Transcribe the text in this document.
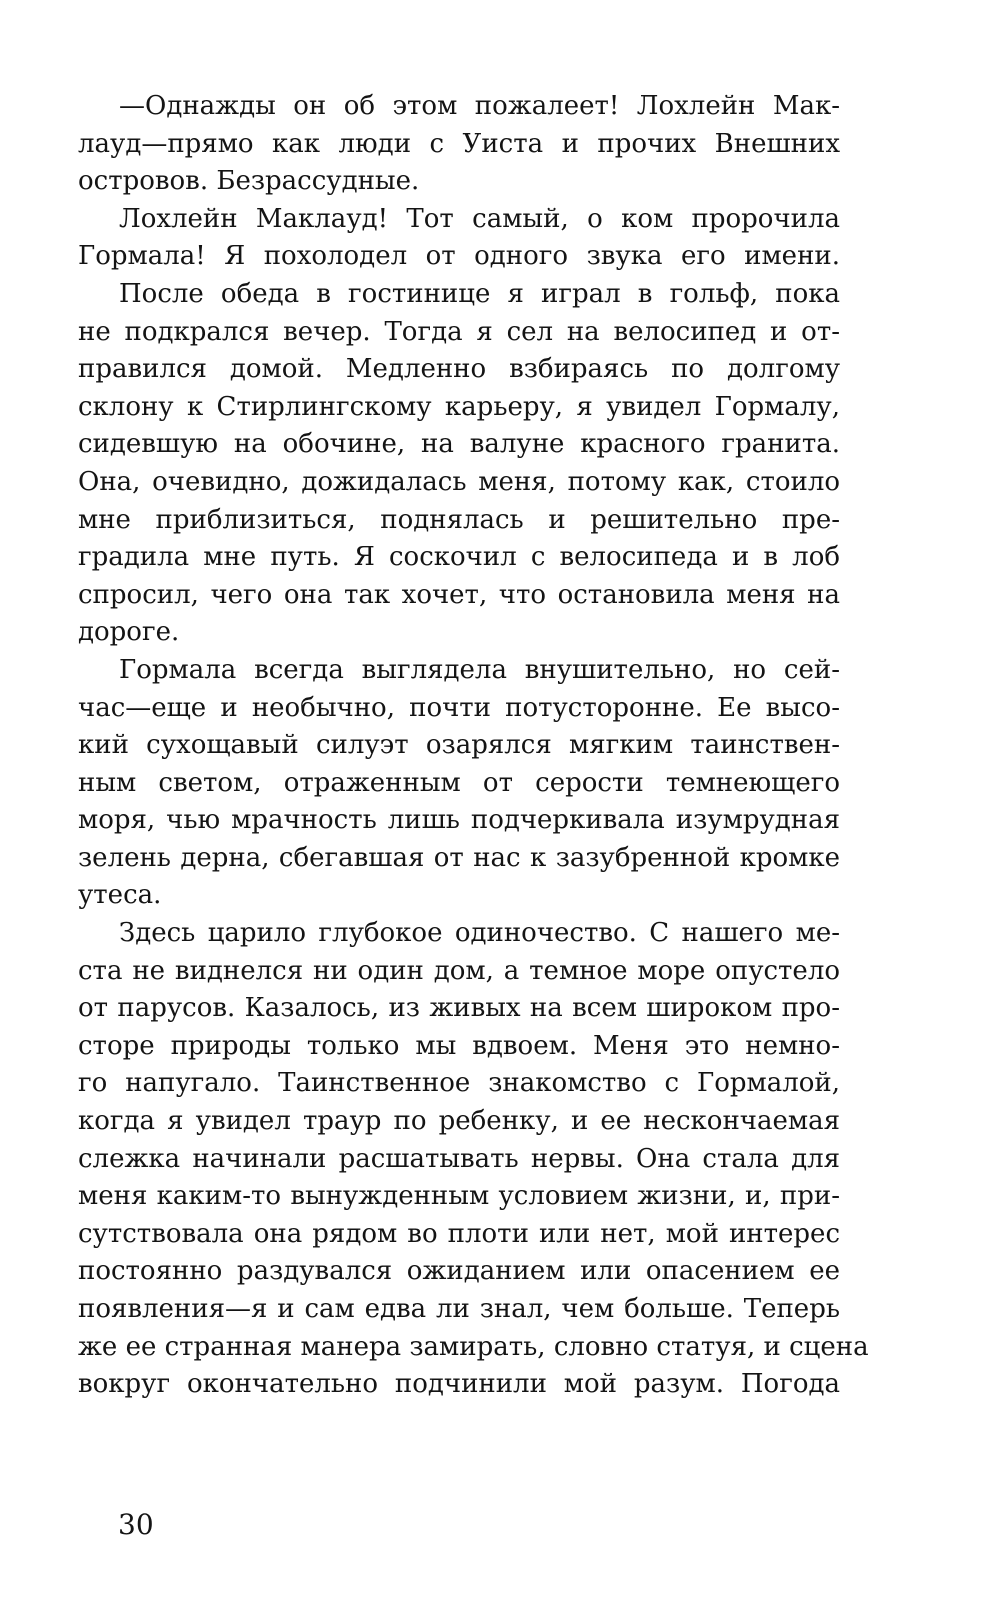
—Однажды он об этом пожалеет! Лохлейн Мак-
лауд—прямо как люди с Уиста и прочих Внешних
островов. Безрассудные.
Лохлейн Маклауд! Тот самый, о ком пророчила
Гормала! Я похолодел от одного звука его имени.
После обеда в гостинице я играл в гольф, пока
не подкрался вечер. Тогда я сел на велосипед и от-
правился домой. Медленно взбираясь по долгому
склону к Стирлингскому карьеру, я увидел Гормалу,
сидевшую на обочине, на валуне красного гранита.
Она, очевидно, дожидалась меня, потому как, стоило
мне приблизиться, поднялась и решительно пре-
градила мне путь. Я соскочил с велосипеда и в лоб
спросил, чего она так хочет, что остановила меня на
дороге.
Гормала всегда выглядела внушительно, но сей-
час—еще и необычно, почти потусторонне. Ее высо-
кий сухощавый силуэт озарялся мягким таинствен-
ным светом, отраженным от серости темнеющего
моря, чью мрачность лишь подчеркивала изумрудная
зелень дерна, сбегавшая от нас к зазубренной кромке
утеса.
Здесь царило глубокое одиночество. С нашего ме-
ста не виднелся ни один дом, а темное море опустело
от парусов. Казалось, из живых на всем широком про-
сторе природы только мы вдвоем. Меня это немно-
го напугало. Таинственное знакомство с Гормалой,
когда я увидел траур по ребенку, и ее нескончаемая
слежка начинали расшатывать нервы. Она стала для
меня каким-то вынужденным условием жизни, и, при-
сутствовала она рядом во плоти или нет, мой интерес
постоянно раздувался ожиданием или опасением ее
появления—я и сам едва ли знал, чем больше. Теперь
же ее странная манера замирать, словно статуя, и сцена
вокруг окончательно подчинили мой разум. Погода
30
